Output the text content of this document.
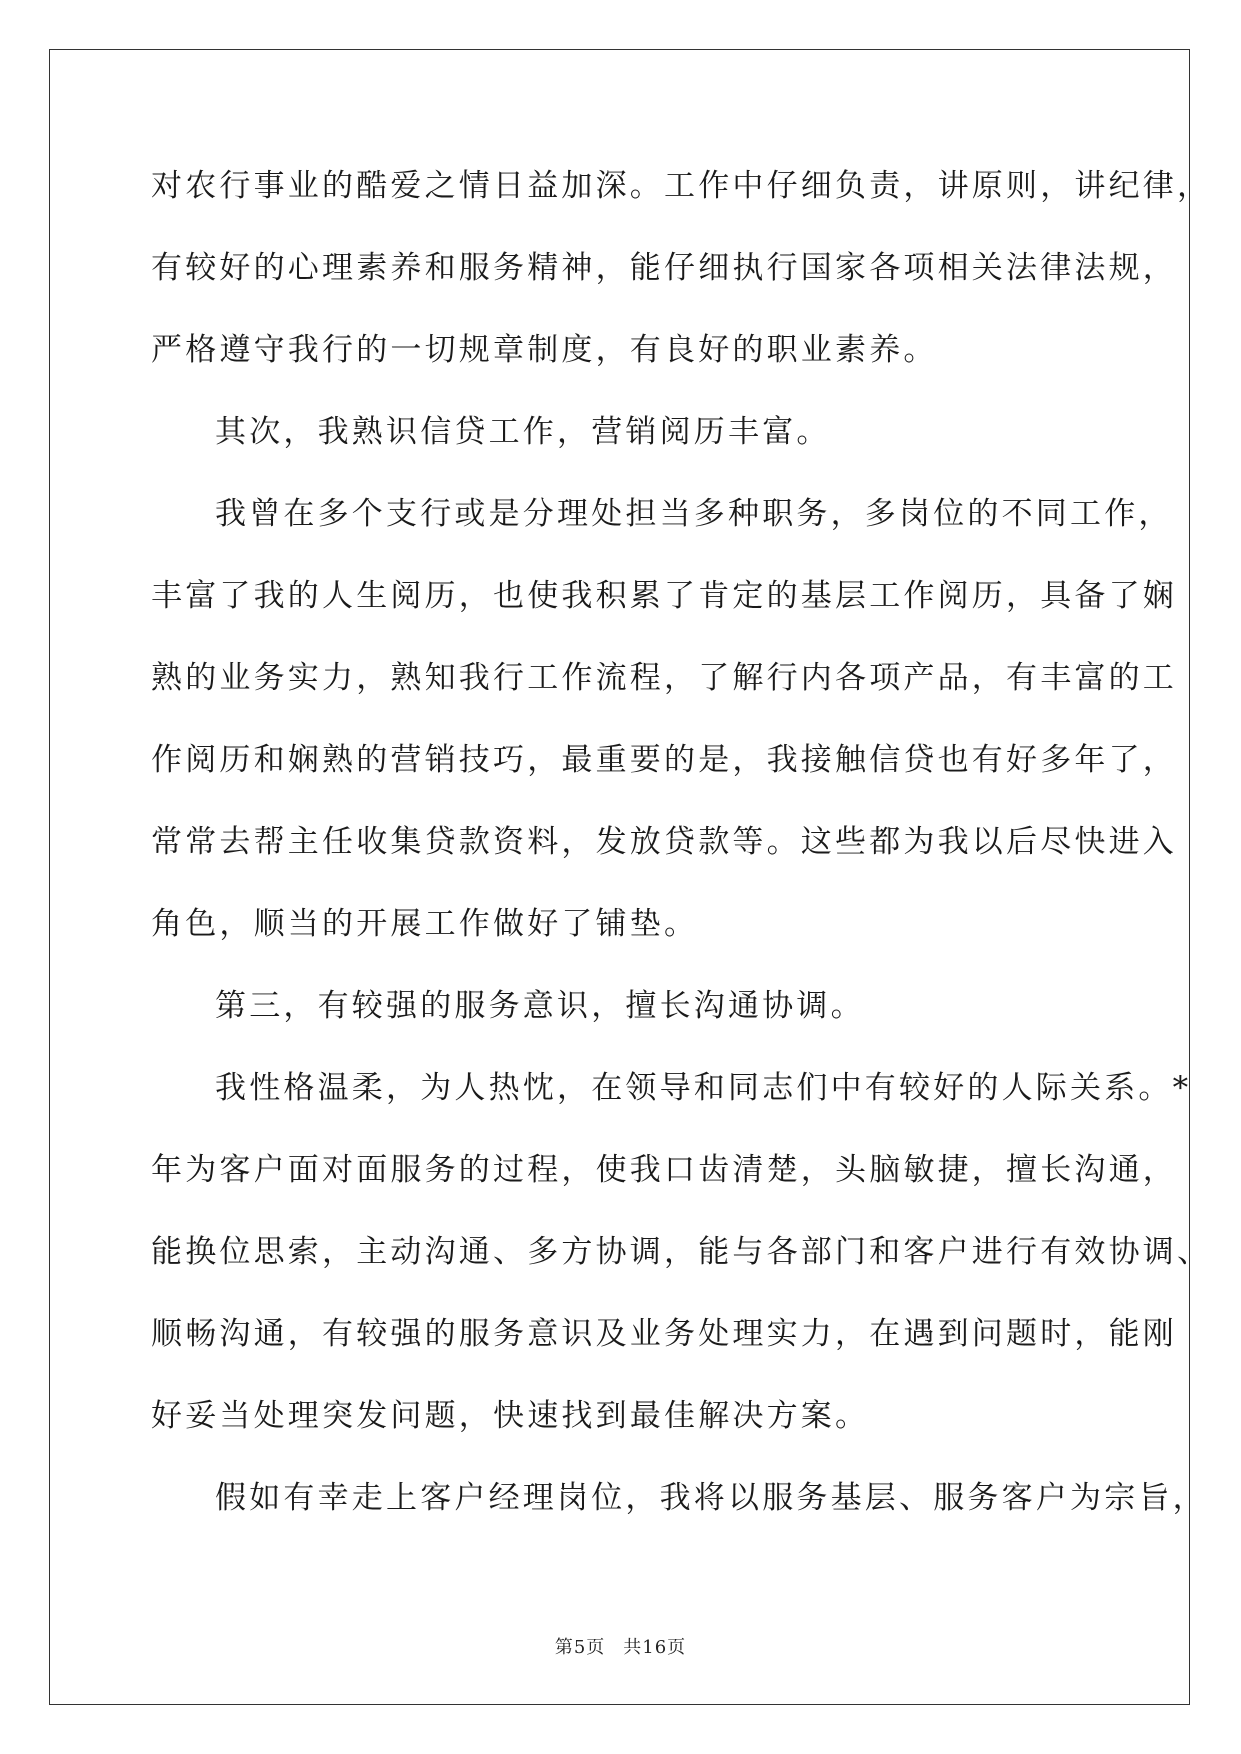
对农行事业的酷爱之情日益加深。工作中仔细负责，讲原则，讲纪律，
有较好的心理素养和服务精神，能仔细执行国家各项相关法律法规，
严格遵守我行的一切规章制度，有良好的职业素养。
其次，我熟识信贷工作，营销阅历丰富。
我曾在多个支行或是分理处担当多种职务，多岗位的不同工作，
丰富了我的人生阅历，也使我积累了肯定的基层工作阅历，具备了娴
熟的业务实力，熟知我行工作流程，了解行内各项产品，有丰富的工
作阅历和娴熟的营销技巧，最重要的是，我接触信贷也有好多年了，
常常去帮主任收集贷款资料，发放贷款等。这些都为我以后尽快进入
角色，顺当的开展工作做好了铺垫。
第三，有较强的服务意识，擅长沟通协调。
我性格温柔，为人热忱，在领导和同志们中有较好的人际关系。*
年为客户面对面服务的过程，使我口齿清楚，头脑敏捷，擅长沟通，
能换位思索，主动沟通、多方协调，能与各部门和客户进行有效协调、
顺畅沟通，有较强的服务意识及业务处理实力，在遇到问题时，能刚
好妥当处理突发问题，快速找到最佳解决方案。
假如有幸走上客户经理岗位，我将以服务基层、服务客户为宗旨，
第5页 共16页
